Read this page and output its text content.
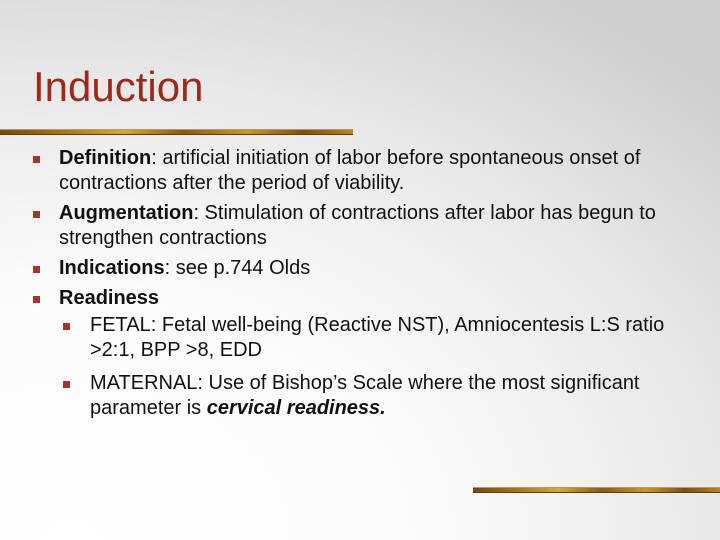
Induction
Definition: artificial initiation of labor before spontaneous onset of contractions after the period of viability.
Augmentation: Stimulation of contractions after labor has begun to strengthen contractions
Indications: see p.744 Olds
Readiness
FETAL: Fetal well-being (Reactive NST), Amniocentesis L:S ratio >2:1, BPP >8, EDD
MATERNAL: Use of Bishop’s Scale where the most significant parameter is cervical readiness.
